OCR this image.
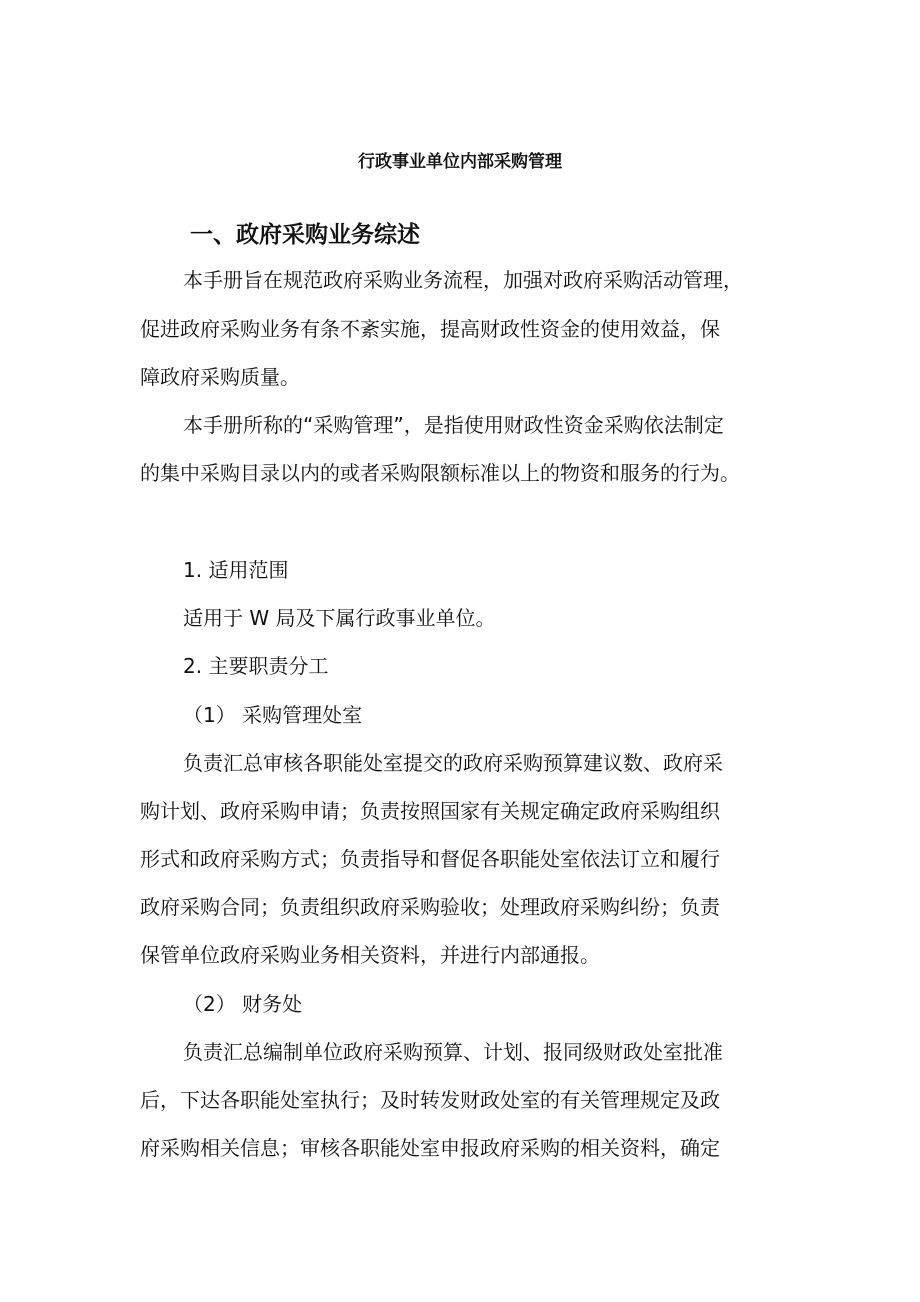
行政事业单位内部采购管理
一、政府采购业务综述
本手册旨在规范政府采购业务流程，加强对政府采购活动管理，
促进政府采购业务有条不紊实施，提高财政性资金的使用效益，保
障政府采购质量。
本手册所称的“采购管理”，是指使用财政性资金采购依法制定
的集中采购目录以内的或者采购限额标准以上的物资和服务的行为。
1. 适用范围
适用于 W 局及下属行政事业单位。
2. 主要职责分工
（1） 采购管理处室
负责汇总审核各职能处室提交的政府采购预算建议数、政府采
购计划、政府采购申请；负责按照国家有关规定确定政府采购组织
形式和政府采购方式；负责指导和督促各职能处室依法订立和履行
政府采购合同；负责组织政府采购验收；处理政府采购纠纷；负责
保管单位政府采购业务相关资料，并进行内部通报。
（2） 财务处
负责汇总编制单位政府采购预算、计划、报同级财政处室批准
后，下达各职能处室执行；及时转发财政处室的有关管理规定及政
府采购相关信息；审核各职能处室申报政府采购的相关资料，确定
